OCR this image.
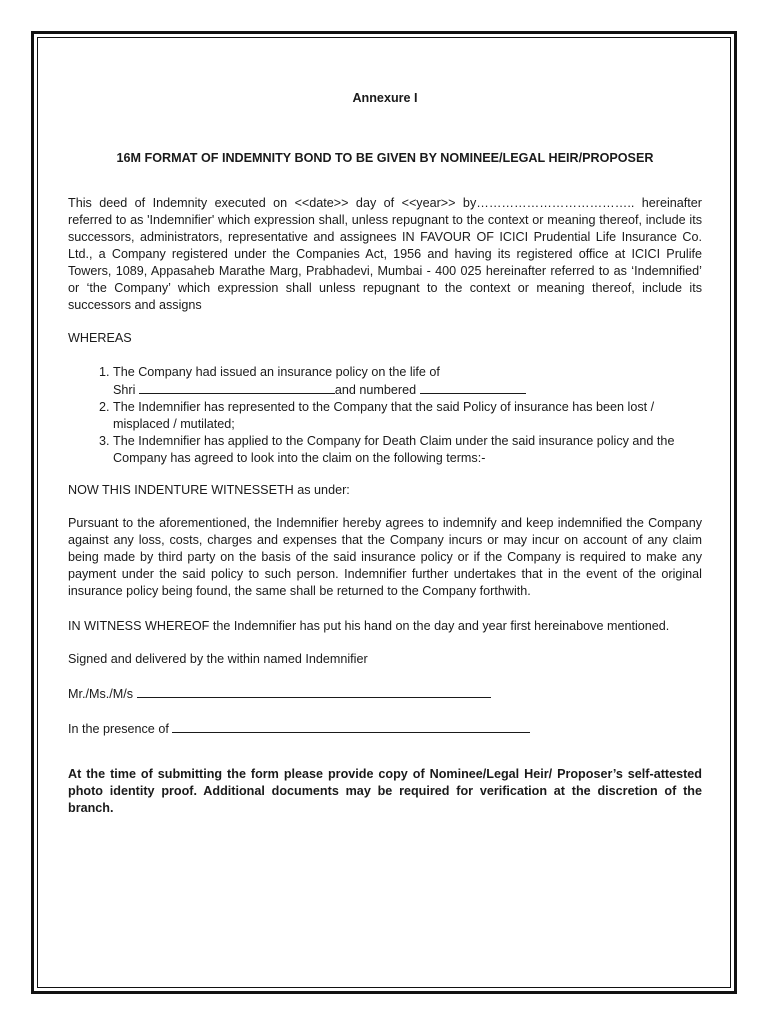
Annexure I

16M FORMAT OF INDEMNITY BOND TO BE GIVEN BY NOMINEE/LEGAL HEIR/PROPOSER

This deed of Indemnity executed on <<date>> day of <<year>> by……………………………….. hereinafter referred to as 'Indemnifier' which expression shall, unless repugnant to the context or meaning thereof, include its successors, administrators, representative and assignees IN FAVOUR OF ICICI Prudential Life Insurance Co. Ltd., a Company registered under the Companies Act, 1956 and having its registered office at ICICI Prulife Towers, 1089, Appasaheb Marathe Marg, Prabhadevi, Mumbai - 400 025 hereinafter referred to as ‘Indemnified’ or ‘the Company’ which expression shall unless repugnant to the context or meaning thereof, include its successors and assigns

WHEREAS

1. The Company had issued an insurance policy on the life of
Shri	and numbered
2. The Indemnifier has represented to the Company that the said Policy of insurance has been lost / misplaced / mutilated;
3. The Indemnifier has applied to the Company for Death Claim under the said insurance policy and the Company has agreed to look into the claim on the following terms:-

NOW THIS INDENTURE WITNESSETH as under:

Pursuant to the aforementioned, the Indemnifier hereby agrees to indemnify and keep indemnified the Company against any loss, costs, charges and expenses that the Company incurs or may incur on account of any claim being made by third party on the basis of the said insurance policy or if the Company is required to make any payment under the said policy to such person. Indemnifier further undertakes that in the event of the original insurance policy being found, the same shall be returned to the Company forthwith.

IN WITNESS WHEREOF the Indemnifier has put his hand on the day and year first hereinabove mentioned.

Signed and delivered by the within named Indemnifier

Mr./Ms./M/s

In the presence of

At the time of submitting the form please provide copy of Nominee/Legal Heir/ Proposer’s self-attested photo identity proof. Additional documents may be required for verification at the discretion of the branch.
